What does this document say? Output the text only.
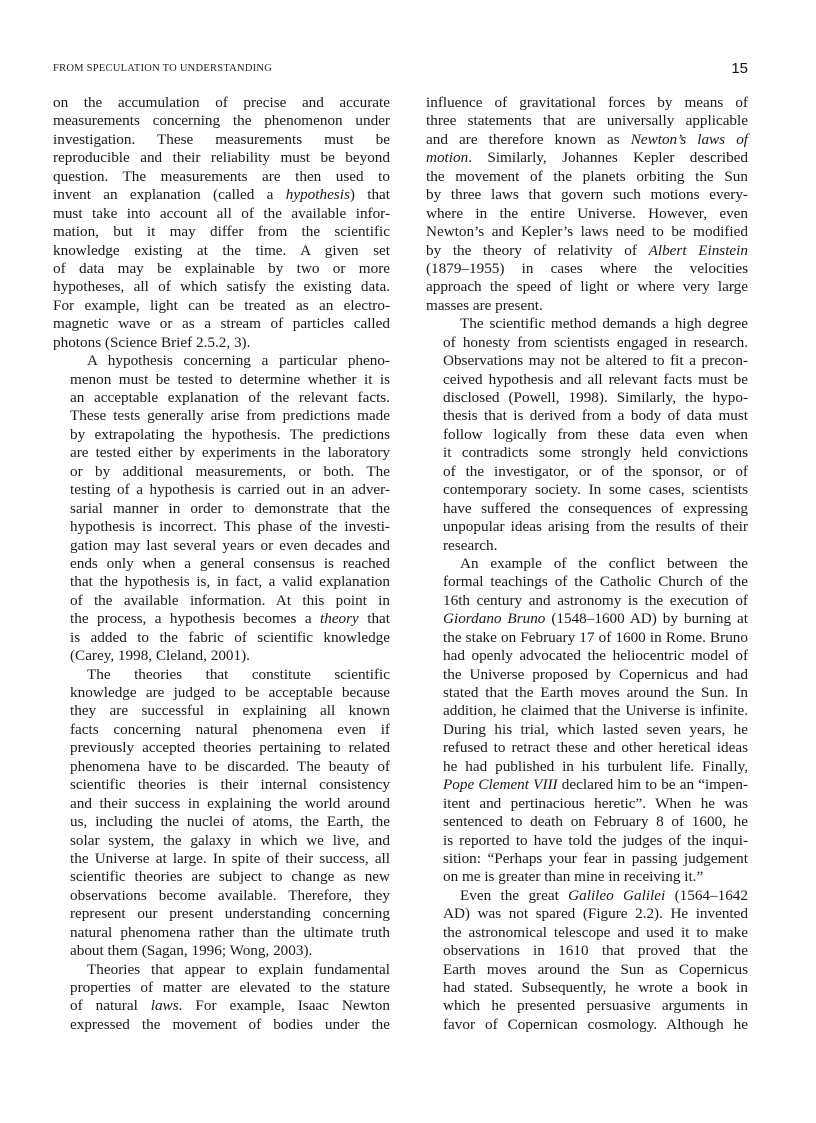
FROM SPECULATION TO UNDERSTANDING	15
on the accumulation of precise and accurate
measurements concerning the phenomenon under
investigation. These measurements must be
reproducible and their reliability must be beyond
question. The measurements are then used to
invent an explanation (called a hypothesis) that
must take into account all of the available infor-
mation, but it may differ from the scientific
knowledge existing at the time. A given set
of data may be explainable by two or more
hypotheses, all of which satisfy the existing data.
For example, light can be treated as an electro-
magnetic wave or as a stream of particles called
photons (Science Brief 2.5.2, 3).
A hypothesis concerning a particular pheno-
menon must be tested to determine whether it is
an acceptable explanation of the relevant facts.
These tests generally arise from predictions made
by extrapolating the hypothesis. The predictions
are tested either by experiments in the laboratory
or by additional measurements, or both. The
testing of a hypothesis is carried out in an adver-
sarial manner in order to demonstrate that the
hypothesis is incorrect. This phase of the investi-
gation may last several years or even decades and
ends only when a general consensus is reached
that the hypothesis is, in fact, a valid explanation
of the available information. At this point in
the process, a hypothesis becomes a theory that
is added to the fabric of scientific knowledge
(Carey, 1998, Cleland, 2001).
The theories that constitute scientific
knowledge are judged to be acceptable because
they are successful in explaining all known
facts concerning natural phenomena even if
previously accepted theories pertaining to related
phenomena have to be discarded. The beauty of
scientific theories is their internal consistency
and their success in explaining the world around
us, including the nuclei of atoms, the Earth, the
solar system, the galaxy in which we live, and
the Universe at large. In spite of their success, all
scientific theories are subject to change as new
observations become available. Therefore, they
represent our present understanding concerning
natural phenomena rather than the ultimate truth
about them (Sagan, 1996; Wong, 2003).
Theories that appear to explain fundamental
properties of matter are elevated to the stature
of natural laws. For example, Isaac Newton
expressed the movement of bodies under the
influence of gravitational forces by means of
three statements that are universally applicable
and are therefore known as Newton’s laws of
motion. Similarly, Johannes Kepler described
the movement of the planets orbiting the Sun
by three laws that govern such motions every-
where in the entire Universe. However, even
Newton’s and Kepler’s laws need to be modified
by the theory of relativity of Albert Einstein
(1879–1955) in cases where the velocities
approach the speed of light or where very large
masses are present.
The scientific method demands a high degree
of honesty from scientists engaged in research.
Observations may not be altered to fit a precon-
ceived hypothesis and all relevant facts must be
disclosed (Powell, 1998). Similarly, the hypo-
thesis that is derived from a body of data must
follow logically from these data even when
it contradicts some strongly held convictions
of the investigator, or of the sponsor, or of
contemporary society. In some cases, scientists
have suffered the consequences of expressing
unpopular ideas arising from the results of their
research.
An example of the conflict between the
formal teachings of the Catholic Church of the
16th century and astronomy is the execution of
Giordano Bruno (1548–1600 AD) by burning at
the stake on February 17 of 1600 in Rome. Bruno
had openly advocated the heliocentric model of
the Universe proposed by Copernicus and had
stated that the Earth moves around the Sun. In
addition, he claimed that the Universe is infinite.
During his trial, which lasted seven years, he
refused to retract these and other heretical ideas
he had published in his turbulent life. Finally,
Pope Clement VIII declared him to be an “impen-
itent and pertinacious heretic”. When he was
sentenced to death on February 8 of 1600, he
is reported to have told the judges of the inqui-
sition: “Perhaps your fear in passing judgement
on me is greater than mine in receiving it.”
Even the great Galileo Galilei (1564–1642
AD) was not spared (Figure 2.2). He invented
the astronomical telescope and used it to make
observations in 1610 that proved that the
Earth moves around the Sun as Copernicus
had stated. Subsequently, he wrote a book in
which he presented persuasive arguments in
favor of Copernican cosmology. Although he
